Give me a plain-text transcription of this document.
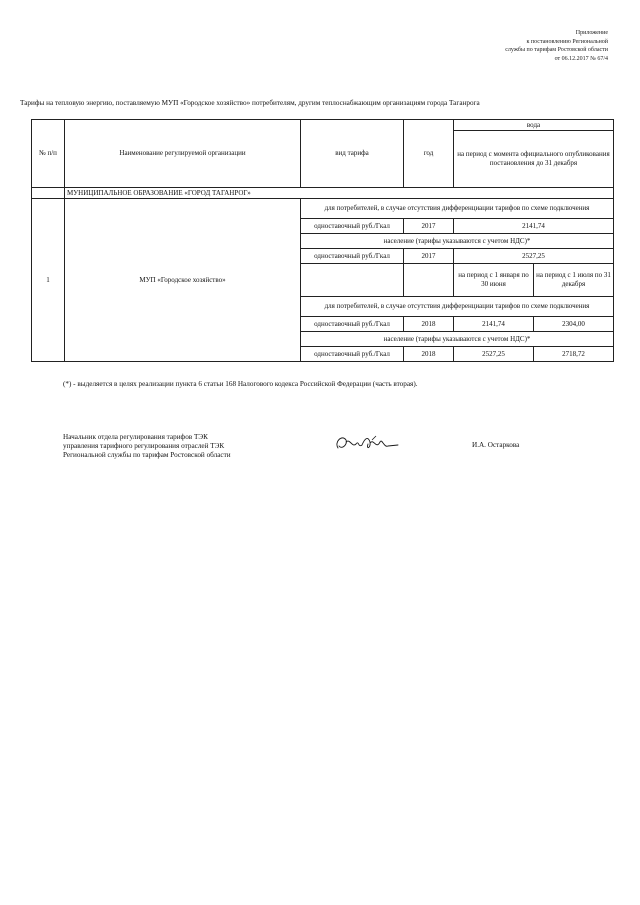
Приложение
к постановлению Региональной
службы по тарифам Ростовской области
от 06.12.2017 № 67/4
Тарифы на тепловую энергию, поставляемую МУП «Городское хозяйство» потребителям, другим теплоснабжающим организациям города Таганрога
№ п/п	Наименование регулируемой организации	вид тарифа	год	вода	
				на период с момента официального опубликования постановления до 31 декабря	
	МУНИЦИПАЛЬНОЕ ОБРАЗОВАНИЕ «ГОРОД ТАГАНРОГ»				
1	МУП «Городское хозяйство»	для потребителей, в случае отсутствия дифференциации тарифов по схеме подключения			
		одноставочный руб./Гкал	2017	2141,74	
		население (тарифы указываются с учетом НДС)*			
		одноставочный руб./Гкал	2017	2527,25	
				на период с 1 января по 30 июня	на период с 1 июля по 31 декабря
		для потребителей, в случае отсутствия дифференциации тарифов по схеме подключения			
		одноставочный руб./Гкал	2018	2141,74	2304,00
		население (тарифы указываются с учетом НДС)*			
		одноставочный руб./Гкал	2018	2527,25	2718,72
(*) - выделяется в целях реализации пункта 6 статьи 168 Налогового кодекса Российской Федерации (часть вторая).
Начальник отдела регулирования тарифов ТЭК
управления тарифного регулирования отраслей ТЭК
Региональной службы по тарифам Ростовской области
И.А. Остаркова
